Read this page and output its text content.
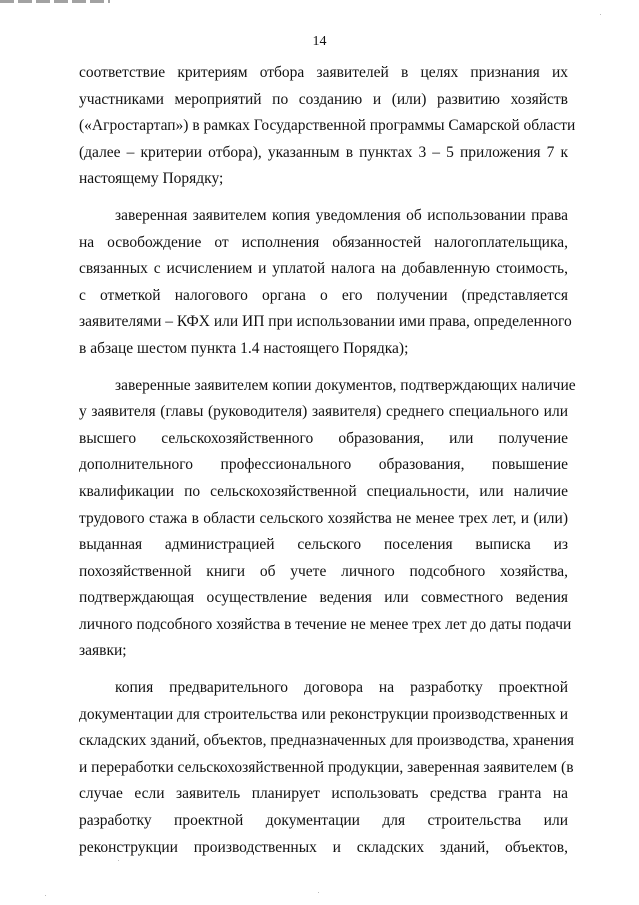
14
соответствие критериям отбора заявителей в целях признания их
участниками мероприятий по созданию и (или) развитию хозяйств
(«Агростартап») в рамках Государственной программы Самарской области
(далее – критерии отбора), указанным в пунктах 3 – 5 приложения 7 к
настоящему Порядку;
заверенная заявителем копия уведомления об использовании права
на освобождение от исполнения обязанностей налогоплательщика,
связанных с исчислением и уплатой налога на добавленную стоимость,
с отметкой налогового органа о его получении (представляется
заявителями – КФХ или ИП при использовании ими права, определенного
в абзаце шестом пункта 1.4 настоящего Порядка);
заверенные заявителем копии документов, подтверждающих наличие
у заявителя (главы (руководителя) заявителя) среднего специального или
высшего сельскохозяйственного образования, или получение
дополнительного профессионального образования, повышение
квалификации по сельскохозяйственной специальности, или наличие
трудового стажа в области сельского хозяйства не менее трех лет, и (или)
выданная администрацией сельского поселения выписка из
похозяйственной книги об учете личного подсобного хозяйства,
подтверждающая осуществление ведения или совместного ведения
личного подсобного хозяйства в течение не менее трех лет до даты подачи
заявки;
копия предварительного договора на разработку проектной
документации для строительства или реконструкции производственных и
складских зданий, объектов, предназначенных для производства, хранения
и переработки сельскохозяйственной продукции, заверенная заявителем (в
случае если заявитель планирует использовать средства гранта на
разработку проектной документации для строительства или
реконструкции производственных и складских зданий, объектов,
